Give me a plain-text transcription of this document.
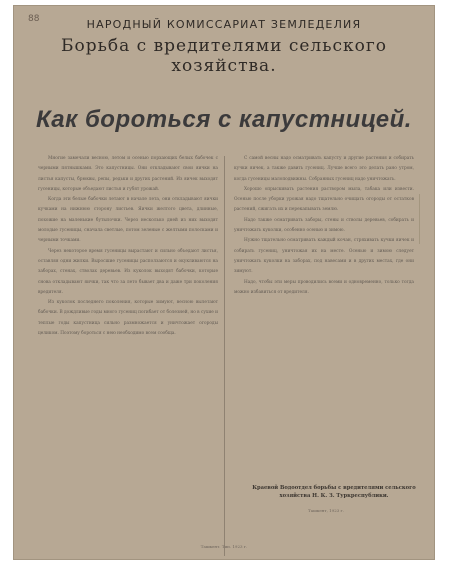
88	НАРОДНЫЙ КОМИССАРИАТ ЗЕМЛЕДЕЛИЯ
Борьба с вредителями сельского хозяйства.
Как бороться с капустницей.

Многие замечали весною, летом и осенью порхающих белых бабочек с черными пятнышками. Это капустницы. Они откладывают свои яички на листья капусты, брюквы, репы, редьки и других растений. Из яичек выходят гусеницы, которые объедают листья и губят урожай.

Когда эти белые бабочки летают в начале лета, они откладывают яички кучками на нижнюю сторону листьев. Яички желтого цвета, длинные, похожие на маленькие бутылочки. Через несколько дней из них выходят молодые гусеницы, сначала светлые, потом зеленые с желтыми полосками и черными точками.

Через некоторое время гусеницы вырастают и сильно объедают листья, оставляя одни жилки. Выросшие гусеницы расползаются и окукливаются на заборах, стенах, стволах деревьев. Из куколок выходят бабочки, которые снова откладывают яички, так что за лето бывает два и даже три поколения вредителя.

Из куколок последнего поколения, которые зимуют, весною вылетают бабочки. В дождливые годы много гусениц погибает от болезней, но в сухие и теплые годы капустница сильно размножается и уничтожает огороды целиком. Поэтому бороться с нею необходимо всем сообща.

С самой весны надо осматривать капусту и другие растения и собирать кучки яичек, а также давить гусениц. Лучше всего это делать рано утром, когда гусеницы малоподвижны. Собранных гусениц надо уничтожать.

Хорошо опрыскивать растения раствором мыла, табака или извести. Осенью после уборки урожая надо тщательно очищать огороды от остатков растений, сжигать их и перекапывать землю.

Надо также осматривать заборы, стены и стволы деревьев, собирать и уничтожать куколки, особенно осенью и зимою.

Нужно тщательно осматривать каждый кочан, стряхивать кучки яичек и собирать гусениц, уничтожая их на месте. Осенью и зимою следует уничтожать куколки на заборах, под навесами и в других местах, где они зимуют.

Надо, чтобы эти меры проводились всеми и одновременно, только тогда можно избавиться от вредителя.

Краевой Водоотдел борьбы с вредителями сельского хозяйства Н. К. З. Туркреспублики.
Ташкент, 1923 г.
Ташкент. Тип. 1923 г.
